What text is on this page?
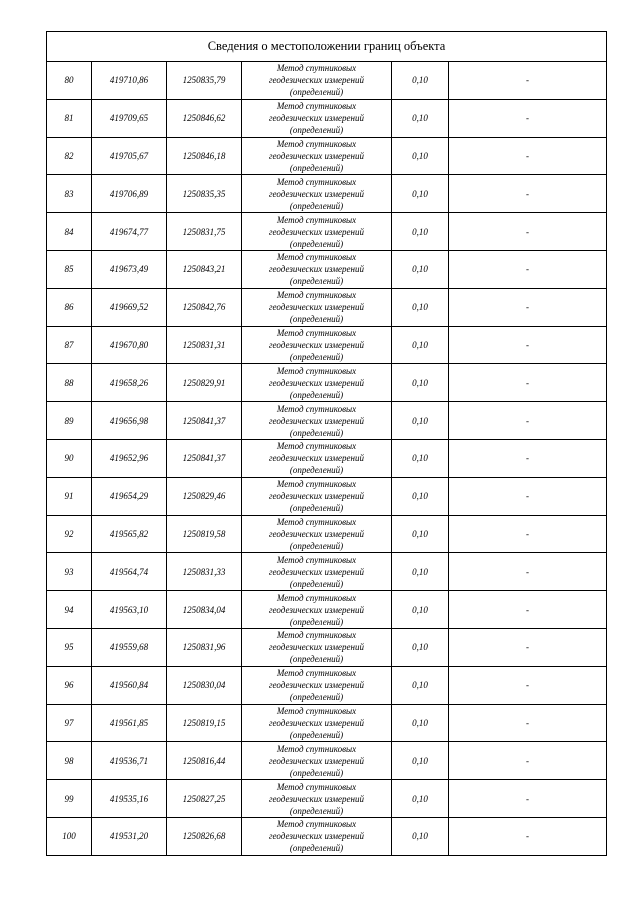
Сведения о местоположении границ объекта					
80	419710,86	1250835,79	Метод спутниковых
геодезических измерений
(определений)	0,10	-
81	419709,65	1250846,62	Метод спутниковых
геодезических измерений
(определений)	0,10	-
82	419705,67	1250846,18	Метод спутниковых
геодезических измерений
(определений)	0,10	-
83	419706,89	1250835,35	Метод спутниковых
геодезических измерений
(определений)	0,10	-
84	419674,77	1250831,75	Метод спутниковых
геодезических измерений
(определений)	0,10	-
85	419673,49	1250843,21	Метод спутниковых
геодезических измерений
(определений)	0,10	-
86	419669,52	1250842,76	Метод спутниковых
геодезических измерений
(определений)	0,10	-
87	419670,80	1250831,31	Метод спутниковых
геодезических измерений
(определений)	0,10	-
88	419658,26	1250829,91	Метод спутниковых
геодезических измерений
(определений)	0,10	-
89	419656,98	1250841,37	Метод спутниковых
геодезических измерений
(определений)	0,10	-
90	419652,96	1250841,37	Метод спутниковых
геодезических измерений
(определений)	0,10	-
91	419654,29	1250829,46	Метод спутниковых
геодезических измерений
(определений)	0,10	-
92	419565,82	1250819,58	Метод спутниковых
геодезических измерений
(определений)	0,10	-
93	419564,74	1250831,33	Метод спутниковых
геодезических измерений
(определений)	0,10	-
94	419563,10	1250834,04	Метод спутниковых
геодезических измерений
(определений)	0,10	-
95	419559,68	1250831,96	Метод спутниковых
геодезических измерений
(определений)	0,10	-
96	419560,84	1250830,04	Метод спутниковых
геодезических измерений
(определений)	0,10	-
97	419561,85	1250819,15	Метод спутниковых
геодезических измерений
(определений)	0,10	-
98	419536,71	1250816,44	Метод спутниковых
геодезических измерений
(определений)	0,10	-
99	419535,16	1250827,25	Метод спутниковых
геодезических измерений
(определений)	0,10	-
100	419531,20	1250826,68	Метод спутниковых
геодезических измерений
(определений)	0,10	-
